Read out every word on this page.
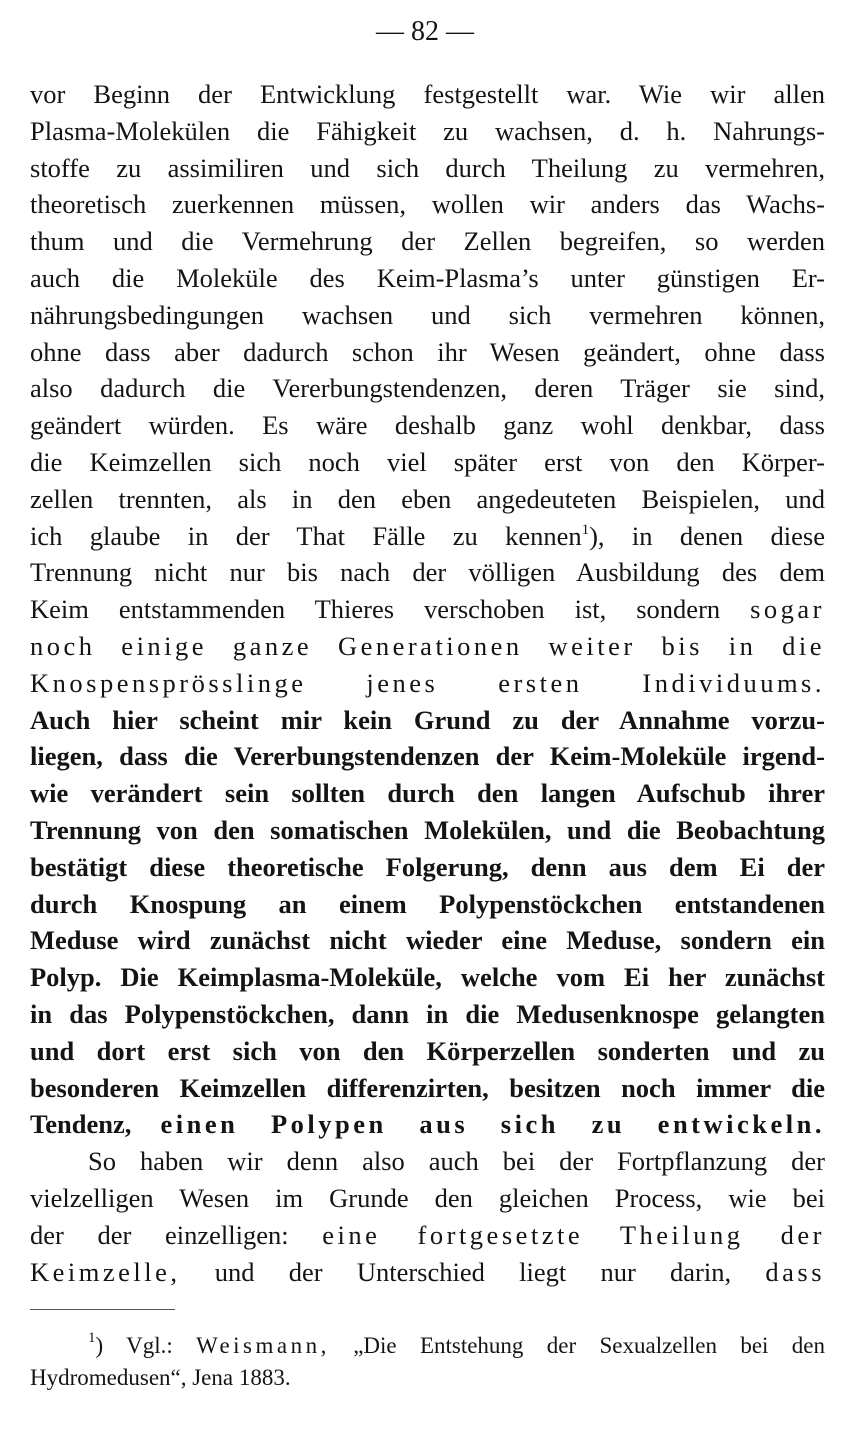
— 82 —
vor Beginn der Entwicklung festgestellt war. Wie wir allen
Plasma-Molekülen die Fähigkeit zu wachsen, d. h. Nahrungs-
stoffe zu assimiliren und sich durch Theilung zu vermehren,
theoretisch zuerkennen müssen, wollen wir anders das Wachs-
thum und die Vermehrung der Zellen begreifen, so werden
auch die Moleküle des Keim-Plasma’s unter günstigen Er-
nährungsbedingungen wachsen und sich vermehren können,
ohne dass aber dadurch schon ihr Wesen geändert, ohne dass
also dadurch die Vererbungstendenzen, deren Träger sie sind,
geändert würden. Es wäre deshalb ganz wohl denkbar, dass
die Keimzellen sich noch viel später erst von den Körper-
zellen trennten, als in den eben angedeuteten Beispielen, und
ich glaube in der That Fälle zu kennen$^1$), in denen diese
Trennung nicht nur bis nach der völligen Ausbildung des dem
Keim entstammenden Thieres verschoben ist, sondern sogar
noch einige ganze Generationen weiter bis in die
Knospensprösslinge jenes ersten Individuums.
Auch hier scheint mir kein Grund zu der Annahme vorzu-
liegen, dass die Vererbungstendenzen der Keim-Moleküle irgend-
wie verändert sein sollten durch den langen Aufschub ihrer
Trennung von den somatischen Molekülen, und die Beobachtung
bestätigt diese theoretische Folgerung, denn aus dem Ei der
durch Knospung an einem Polypenstöckchen entstandenen
Meduse wird zunächst nicht wieder eine Meduse, sondern ein
Polyp. Die Keimplasma-Moleküle, welche vom Ei her zunächst
in das Polypenstöckchen, dann in die Medusenknospe gelangten
und dort erst sich von den Körperzellen sonderten und zu
besonderen Keimzellen differenzirten, besitzen noch immer die
Tendenz, einen Polypen aus sich zu entwickeln.
So haben wir denn also auch bei der Fortpflanzung der
vielzelligen Wesen im Grunde den gleichen Process, wie bei
der der einzelligen: eine fortgesetzte Theilung der
Keimzelle, und der Unterschied liegt nur darin, dass
$^1$) Vgl.: Weismann, „Die Entstehung der Sexualzellen bei den
Hydromedusen“, Jena 1883.
